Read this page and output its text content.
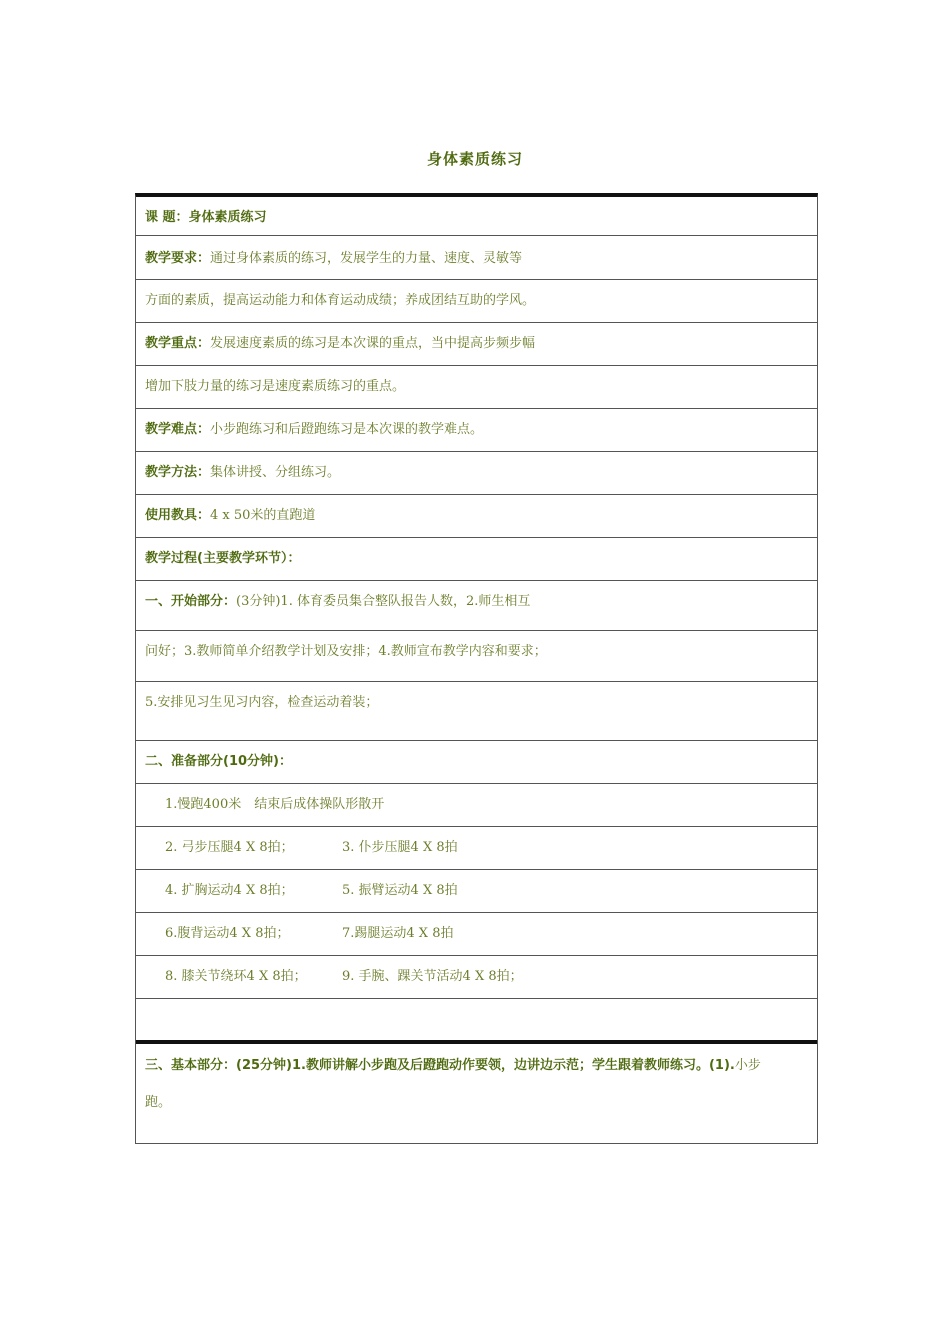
身体素质练习
课 题：身体素质练习
教学要求：通过身体素质的练习，发展学生的力量、速度、灵敏等
方面的素质，提高运动能力和体育运动成绩；养成团结互助的学风。
教学重点：发展速度素质的练习是本次课的重点，当中提高步频步幅
增加下肢力量的练习是速度素质练习的重点。
教学难点：小步跑练习和后蹬跑练习是本次课的教学难点。
教学方法：集体讲授、分组练习。
使用教具：4 x 50米的直跑道
教学过程(主要教学环节）：
一、开始部分：(3分钟)1. 体育委员集合整队报告人数，2.师生相互
问好；3.教师简单介绍教学计划及安排；4.教师宣布教学内容和要求；
5.安排见习生见习内容，检查运动着装；
二、准备部分(10分钟)：
1.慢跑400米　结束后成体操队形散开
2. 弓步压腿4 X 8拍；	3. 仆步压腿4 X 8拍
4. 扩胸运动4 X 8拍；	5. 振臂运动4 X 8拍
6.腹背运动4 X 8拍；	7.踢腿运动4 X 8拍
8. 膝关节绕环4 X 8拍；	9. 手腕、踝关节活动4 X 8拍；
三、基本部分：(25分钟)1.教师讲解小步跑及后蹬跑动作要领，边讲边示范；学生跟着教师练习。(1).小步
跑。
